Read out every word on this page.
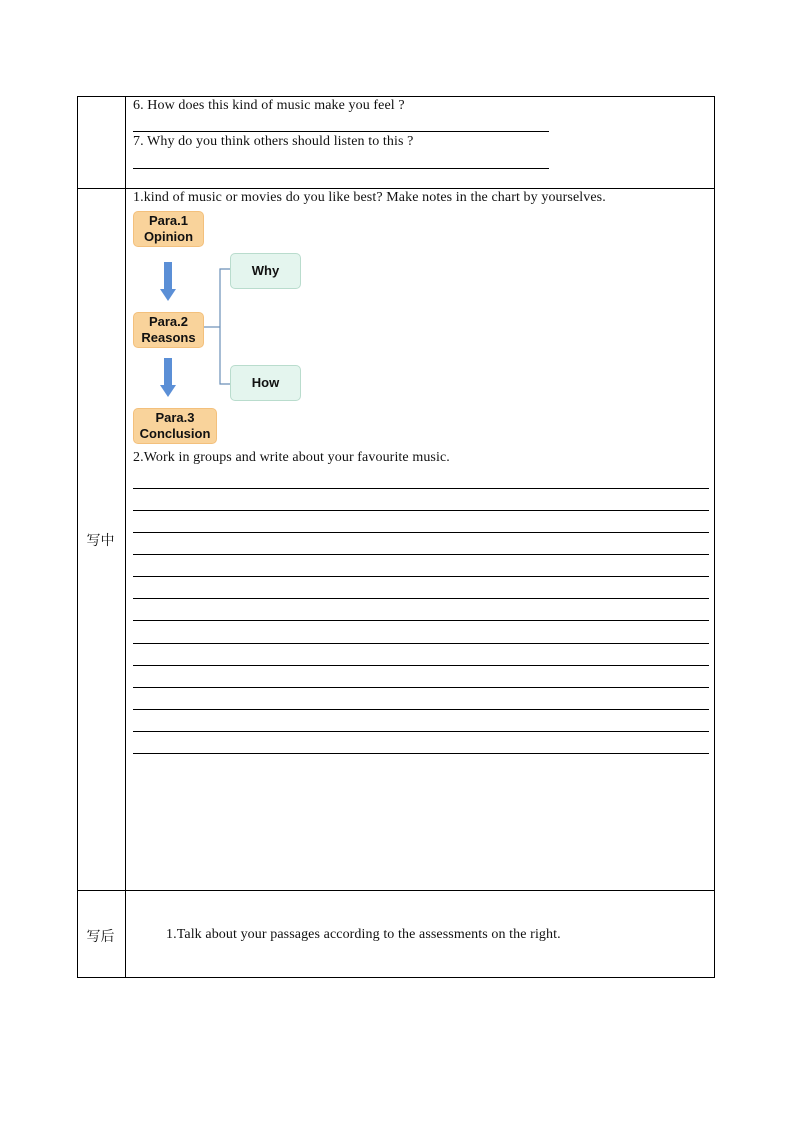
6. How does this kind of music make you feel ?
7. Why do you think others should listen to this ?
写中
1.kind of music or movies do you like best? Make notes in the chart by yourselves.
Para.1
Opinion
Para.2
Reasons
Why
How
Para.3
Conclusion
2.Work in groups and write about your favourite music.
写后	1.Talk about your passages according to the assessments on the right.
